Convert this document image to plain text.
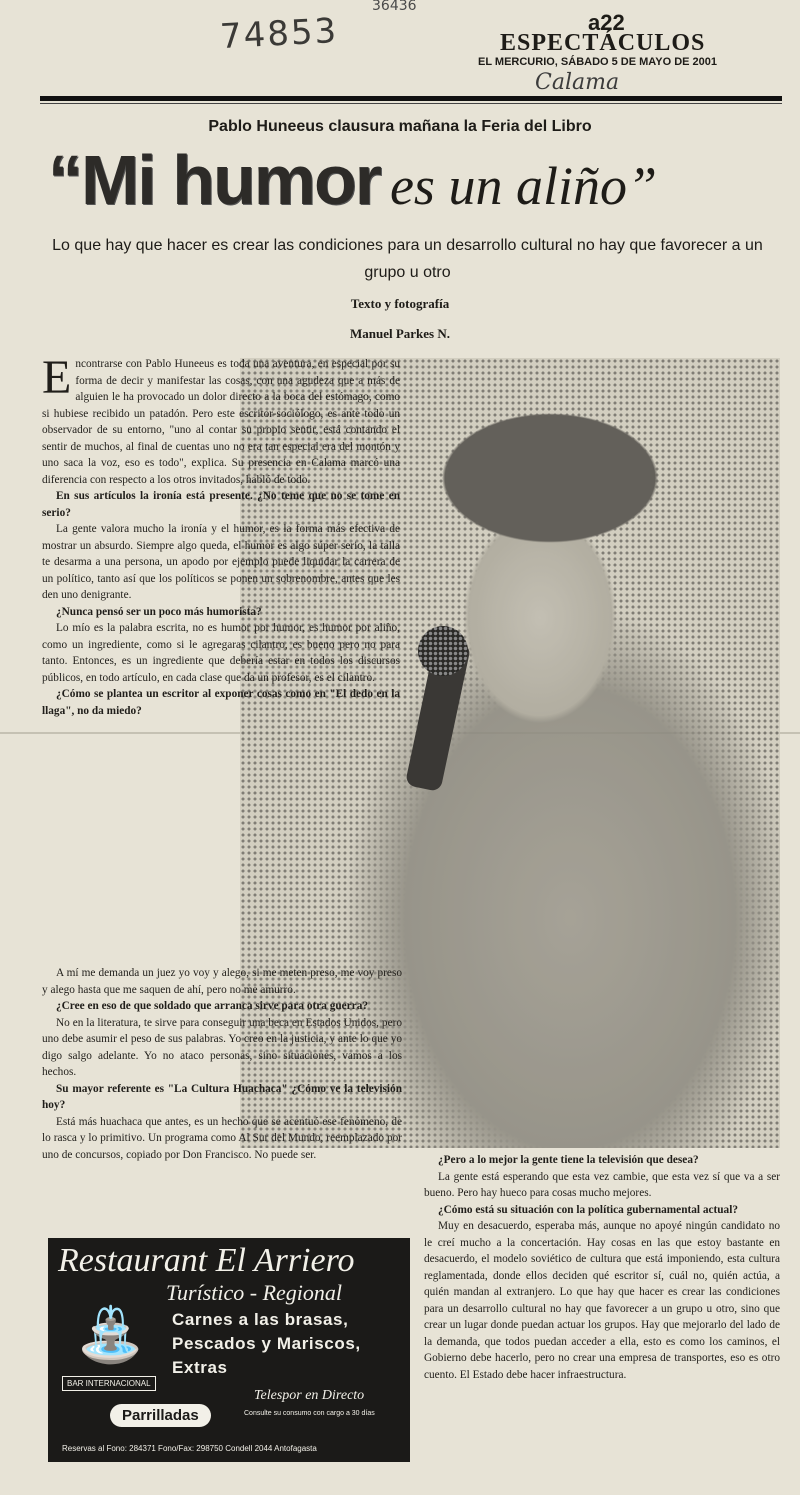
36436
74853	a22
ESPECTÁCULOS
EL MERCURIO, SÁBADO 5 DE MAYO DE 2001
Calama
Pablo Huneeus clausura mañana la Feria del Libro
“Mi humor es un aliño”
Lo que hay que hacer es crear las condiciones para un desarrollo cultural no hay que favorecer a un grupo u otro
Texto y fotografía
Manuel Parkes N.
E ncontrarse con Pablo Huneeus es toda una aventura, en especial por su forma de decir y manifestar las cosas, con una agudeza que a más de alguien le ha provocado un dolor directo a la boca del estómago, como si hubiese recibido un patadón. Pero este escritor-sociólogo, es ante todo un observador de su entorno, "uno al contar su propio sentir, está contando el sentir de muchos, al final de cuentas uno no era tan especial era del montón y uno saca la voz, eso es todo", explica. Su presencia en Calama marcó una diferencia con respecto a los otros invitados, habló de todo.

En sus artículos la ironía está presente. ¿No teme que no se tome en serio?

La gente valora mucho la ironía y el humor, es la forma más efectiva de mostrar un absurdo. Siempre algo queda, el humor es algo súper serio, la talla te desarma a una persona, un apodo por ejemplo puede liquidar la carrera de un político, tanto así que los políticos se ponen un sobrenombre, antes que les den uno denigrante.

¿Nunca pensó ser un poco más humorista?

Lo mío es la palabra escrita, no es humor por humor, es humor por aliño, como un ingrediente, como si le agregaras cilantro, es bueno pero no para tanto. Entonces, es un ingrediente que debería estar en todos los discursos públicos, en todo artículo, en cada clase que da un profesor, es el cilantro.

¿Cómo se plantea un escritor al exponer cosas como en "El dedo en la llaga", no da miedo?

A mí me demanda un juez yo voy y alego, si me meten preso, me voy preso y alego hasta que me saquen de ahí, pero no me amurro.

¿Cree en eso de que soldado que arranca sirve para otra guerra?

No en la literatura, te sirve para conseguir una beca en Estados Unidos, pero uno debe asumir el peso de sus palabras. Yo creo en la justicia, y ante lo que yo digo salgo adelante. Yo no ataco personas, sino situaciones, vamos a los hechos.

Su mayor referente es "La Cultura Huachaca" ¿Cómo ve la televisión hoy?

Está más huachaca que antes, es un hecho que se acentuó ese fenómeno, de lo rasca y lo primitivo. Un programa como Al Sur del Mundo, reemplazado por uno de concursos, copiado por Don Francisco. No puede ser.	¿Pero a lo mejor la gente tiene la televisión que desea?

La gente está esperando que esta vez cambie, que esta vez sí que va a ser bueno. Pero hay hueco para cosas mucho mejores.

¿Cómo está su situación con la política gubernamental actual?

Muy en desacuerdo, esperaba más, aunque no apoyé ningún candidato no le creí mucho a la concertación. Hay cosas en las que estoy bastante en desacuerdo, el modelo soviético de cultura que está imponiendo, esta cultura reglamentada, donde ellos deciden qué escritor sí, cuál no, quién actúa, a quién mandan al extranjero. Lo que hay que hacer es crear las condiciones para un desarrollo cultural no hay que favorecer a un grupo u otro, sino que crear un lugar donde puedan actuar los grupos. Hay que mejorarlo del lado de la demanda, que todos puedan acceder a ella, esto es como los caminos, el Gobierno debe hacerlo, pero no crear una empresa de transportes, eso es otro cuento. El Estado debe hacer infraestructura.

Restaurant El Arriero
Turístico - Regional
⛲ Carnes a las brasas,
Pescados y Mariscos,
Extras
BAR INTERNACIONAL
Parrilladas
Telespor en Directo
Consulte su consumo con cargo a 30 días
Reservas al Fono: 284371 Fono/Fax: 298750 Condell 2044 Antofagasta
